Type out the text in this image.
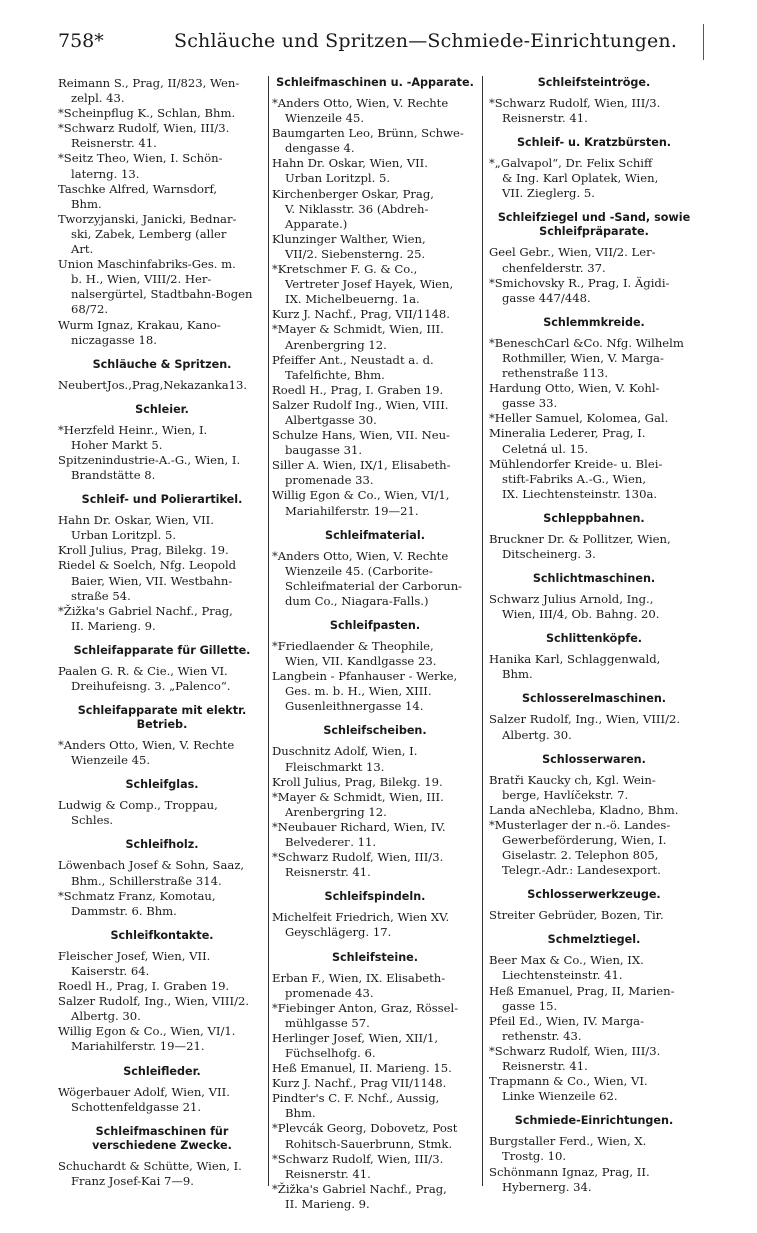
758*	Schläuche und Spritzen—Schmiede-Einrichtungen.
Reimann S., Prag, II/823, Wen-
zelpl. 43.
*Scheinpflug K., Schlan, Bhm.
*Schwarz Rudolf, Wien, III/3.
Reisnerstr. 41.
*Seitz Theo, Wien, I. Schön-
laterng. 13.
Taschke Alfred, Warnsdorf,
Bhm.
Tworzyjanski, Janicki, Bednar-
ski, Zabek, Lemberg (aller
Art.
Union Maschinfabriks-Ges. m.
b. H., Wien, VIII/2. Her-
nalsergürtel, Stadtbahn-Bogen
68/72.
Wurm Ignaz, Krakau, Kano-
niczagasse 18.
Schläuche & Spritzen.
NeubertJos.,Prag,Nekazanka13.
Schleier.
*Herzfeld Heinr., Wien, I.
Hoher Markt 5.
Spitzenindustrie-A.-G., Wien, I.
Brandstätte 8.
Schleif- und Polierartikel.
Hahn Dr. Oskar, Wien, VII.
Urban Loritzpl. 5.
Kroll Julius, Prag, Bilekg. 19.
Riedel & Soelch, Nfg. Leopold
Baier, Wien, VII. Westbahn-
straße 54.
*Žižka's Gabriel Nachf., Prag,
II. Marieng. 9.
Schleifapparate für Gillette.
Paalen G. R. & Cie., Wien VI.
Dreihufeisng. 3. „Palenco“.
Schleifapparate mit elektr. Betrieb.
*Anders Otto, Wien, V. Rechte
Wienzeile 45.
Schleifglas.
Ludwig & Comp., Troppau,
Schles.
Schleifholz.
Löwenbach Josef & Sohn, Saaz,
Bhm., Schillerstraße 314.
*Schmatz Franz, Komotau,
Dammstr. 6. Bhm.
Schleifkontakte.
Fleischer Josef, Wien, VII.
Kaiserstr. 64.
Roedl H., Prag, I. Graben 19.
Salzer Rudolf, Ing., Wien, VIII/2.
Albertg. 30.
Willig Egon & Co., Wien, VI/1.
Mariahilferstr. 19—21.
Schleifleder.
Wögerbauer Adolf, Wien, VII.
Schottenfeldgasse 21.
Schleifmaschinen für verschiedene Zwecke.
Schuchardt & Schütte, Wien, I.
Franz Josef-Kai 7—9.
Schleifmaschinen u. -Apparate.
*Anders Otto, Wien, V. Rechte
Wienzeile 45.
Baumgarten Leo, Brünn, Schwe-
dengasse 4.
Hahn Dr. Oskar, Wien, VII.
Urban Loritzpl. 5.
Kirchenberger Oskar, Prag,
V. Niklasstr. 36 (Abdreh-
Apparate.)
Klunzinger Walther, Wien,
VII/2. Siebensterng. 25.
*Kretschmer F. G. & Co.,
Vertreter Josef Hayek, Wien,
IX. Michelbeuerng. 1a.
Kurz J. Nachf., Prag, VII/1148.
*Mayer & Schmidt, Wien, III.
Arenbergring 12.
Pfeiffer Ant., Neustadt a. d.
Tafelfichte, Bhm.
Roedl H., Prag, I. Graben 19.
Salzer Rudolf Ing., Wien, VIII.
Albertgasse 30.
Schulze Hans, Wien, VII. Neu-
baugasse 31.
Siller A. Wien, IX/1, Elisabeth-
promenade 33.
Willig Egon & Co., Wien, VI/1,
Mariahilferstr. 19—21.
Schleifmaterial.
*Anders Otto, Wien, V. Rechte
Wienzeile 45. (Carborite-
Schleifmaterial der Carborun-
dum Co., Niagara-Falls.)
Schleifpasten.
*Friedlaender & Theophile,
Wien, VII. Kandlgasse 23.
Langbein - Pfanhauser - Werke,
Ges. m. b. H., Wien, XIII.
Gusenleithnergasse 14.
Schleifscheiben.
Duschnitz Adolf, Wien, I.
Fleischmarkt 13.
Kroll Julius, Prag, Bilekg. 19.
*Mayer & Schmidt, Wien, III.
Arenbergring 12.
*Neubauer Richard, Wien, IV.
Belvederег. 11.
*Schwarz Rudolf, Wien, III/3.
Reisnerstr. 41.
Schleifspindeln.
Michelfeit Friedrich, Wien XV.
Geyschlägerg. 17.
Schleifsteine.
Erban F., Wien, IX. Elisabeth-
promenade 43.
*Fiebinger Anton, Graz, Rössel-
mühlgasse 57.
Herlinger Josef, Wien, XII/1,
Füchselhofg. 6.
Heß Emanuel, II. Marieng. 15.
Kurz J. Nachf., Prag VII/1148.
Pindter's C. F. Nchf., Aussig,
Bhm.
*Plevcák Georg, Dobovetz, Post
Rohitsch-Sauerbrunn, Stmk.
*Schwarz Rudolf, Wien, III/3.
Reisnerstr. 41.
*Žižka's Gabriel Nachf., Prag,
II. Marieng. 9.
Schleifsteintröge.
*Schwarz Rudolf, Wien, III/3.
Reisnerstr. 41.
Schleif- u. Kratzbürsten.
*„Galvapol“, Dr. Felix Schiff
& Ing. Karl Oplatek, Wien,
VII. Zieglerg. 5.
Schleifziegel und -Sand, sowie Schleifpräparate.
Geel Gebr., Wien, VII/2. Ler-
chenfelderstr. 37.
*Smichovsky R., Prag, I. Ägidi-
gasse 447/448.
Schlemmkreide.
*BeneschCarl &Co. Nfg. Wilhelm
Rothmiller, Wien, V. Marga-
rethenstraße 113.
Hardung Otto, Wien, V. Kohl-
gasse 33.
*Heller Samuel, Kolomea, Gal.
Mineralia Lederer, Prag, I.
Celetná ul. 15.
Mühlendorfer Kreide- u. Blei-
stift-Fabriks A.-G., Wien,
IX. Liechtensteinstr. 130a.
Schleppbahnen.
Bruckner Dr. & Pollitzer, Wien,
Ditscheinerg. 3.
Schlichtmaschinen.
Schwarz Julius Arnold, Ing.,
Wien, III/4, Ob. Bahng. 20.
Schlittenköpfe.
Hanika Karl, Schlaggenwald,
Bhm.
Schlosserelmaschinen.
Salzer Rudolf, Ing., Wien, VIII/2.
Albertg. 30.
Schlosserwaren.
Bratři Kaucky ch, Kgl. Wein-
berge, Havlíčekstr. 7.
Landa aNechleba, Kladno, Bhm.
*Musterlager der n.-ö. Landes-
Gewerbeförderung, Wien, I.
Giselastr. 2. Telephon 805,
Telegr.-Adr.: Landesexport.
Schlosserwerkzeuge.
Streiter Gebrüder, Bozen, Tir.
Schmelztiegel.
Beer Max & Co., Wien, IX.
Liechtensteinstr. 41.
Heß Emanuel, Prag, II, Marien-
gasse 15.
Pfeil Ed., Wien, IV. Marga-
rethenstr. 43.
*Schwarz Rudolf, Wien, III/3.
Reisnerstr. 41.
Trapmann & Co., Wien, VI.
Linke Wienzeile 62.
Schmiede-Einrichtungen.
Burgstaller Ferd., Wien, X.
Trostg. 10.
Schönmann Ignaz, Prag, II.
Hybernerg. 34.
